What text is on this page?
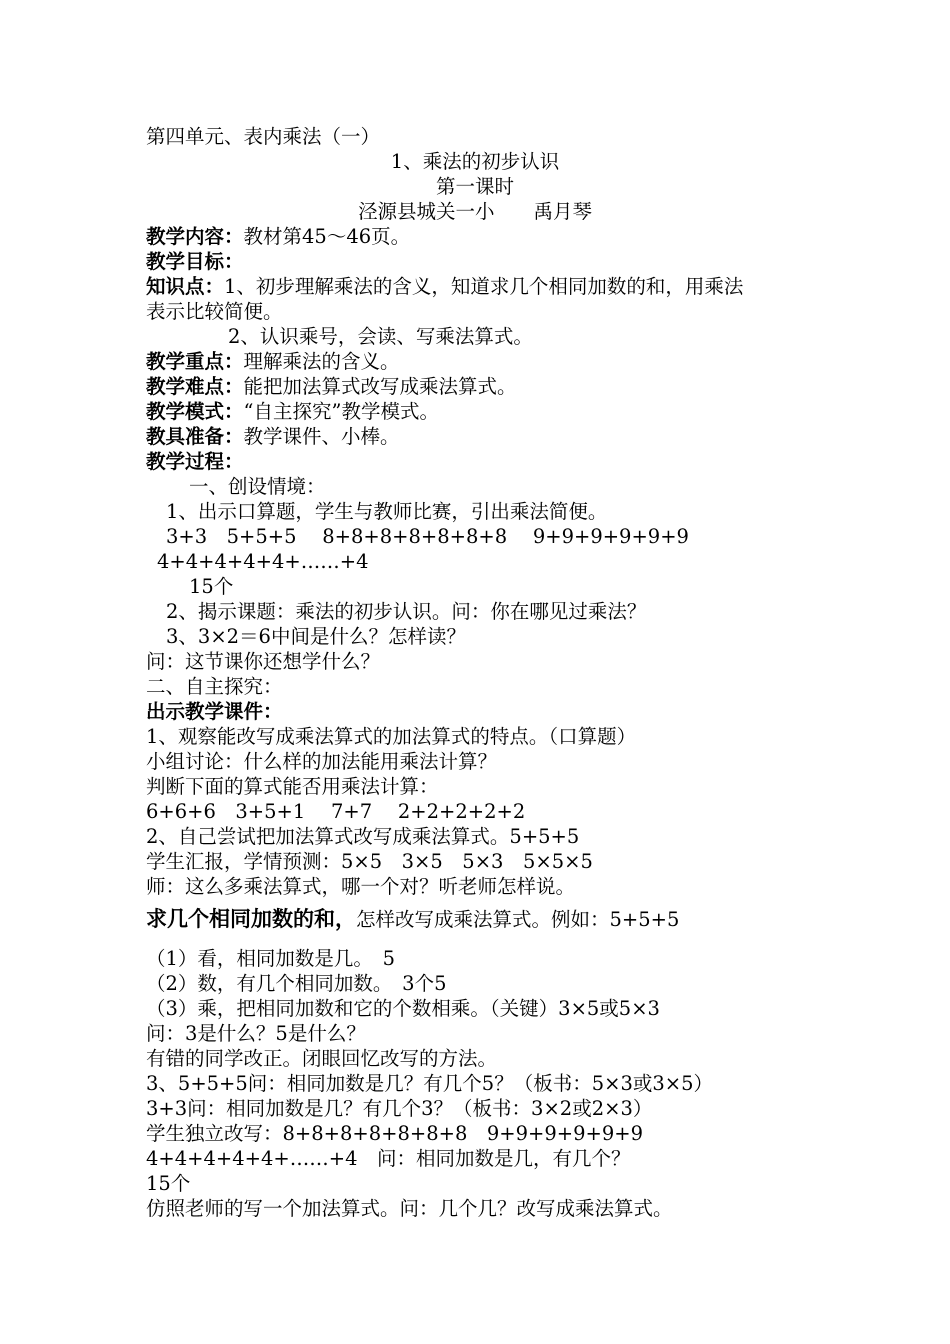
第四单元、表内乘法（一）
1、乘法的初步认识
第一课时
泾源县城关一小　　禹月琴
教学内容：教材第45～46页。
教学目标：
知识点：1、初步理解乘法的含义，知道求几个相同加数的和，用乘法
表示比较简便。
2、认识乘号，会读、写乘法算式。
教学重点：理解乘法的含义。
教学难点：能把加法算式改写成乘法算式。
教学模式：“自主探究”教学模式。
教具准备：教学课件、小棒。
教学过程：
一、创设情境：
1、出示口算题，学生与教师比赛，引出乘法简便。
3+3　5+5+5　 8+8+8+8+8+8+8　 9+9+9+9+9+9
4+4+4+4+4+……+4
15个
2、揭示课题：乘法的初步认识。问：你在哪见过乘法？
3、3×2＝6中间是什么？怎样读？
问：这节课你还想学什么？
二、自主探究：
出示教学课件：
1、观察能改写成乘法算式的加法算式的特点。（口算题）
小组讨论：什么样的加法能用乘法计算？
判断下面的算式能否用乘法计算：
6+6+6　3+5+1　 7+7　 2+2+2+2+2
2、自己尝试把加法算式改写成乘法算式。5+5+5
学生汇报，学情预测：5×5　3×5　5×3　5×5×5
师：这么多乘法算式，哪一个对？听老师怎样说。
求几个相同加数的和，怎样改写成乘法算式。例如：5+5+5
（1）看，相同加数是几。　5
（2）数，有几个相同加数。　3个5
（3）乘，把相同加数和它的个数相乘。（关键）3×5或5×3
问：3是什么？5是什么？
有错的同学改正。闭眼回忆改写的方法。
3、5+5+5问：相同加数是几？有几个5？（板书：5×3或3×5）
3+3问：相同加数是几？有几个3？（板书：3×2或2×3）
学生独立改写：8+8+8+8+8+8+8　9+9+9+9+9+9
4+4+4+4+4+……+4　问：相同加数是几，有几个？
15个
仿照老师的写一个加法算式。问：几个几？改写成乘法算式。
